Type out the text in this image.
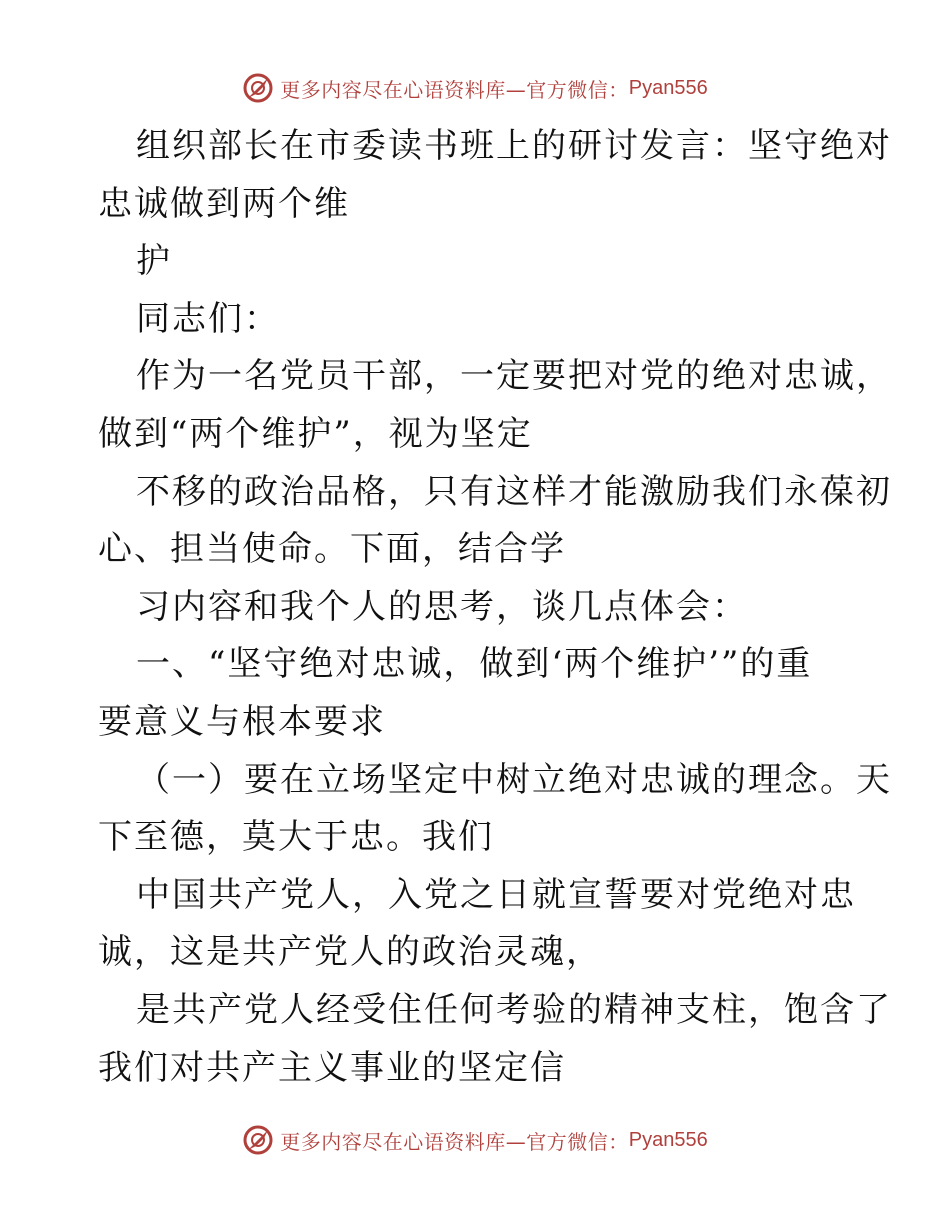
更多内容尽在心语资料库—官方微信： Pyan556
组织部长在市委读书班上的研讨发言：坚守绝对
忠诚做到两个维
护
同志们：
作为一名党员干部，一定要把对党的绝对忠诚，
做到“两个维护”，视为坚定
不移的政治品格，只有这样才能激励我们永葆初
心、担当使命。下面，结合学
习内容和我个人的思考，谈几点体会：
一、“坚守绝对忠诚，做到‘两个维护’”的重
要意义与根本要求
（一）要在立场坚定中树立绝对忠诚的理念。天
下至德，莫大于忠。我们
中国共产党人，入党之日就宣誓要对党绝对忠
诚，这是共产党人的政治灵魂，
是共产党人经受住任何考验的精神支柱，饱含了
我们对共产主义事业的坚定信
更多内容尽在心语资料库—官方微信： Pyan556
